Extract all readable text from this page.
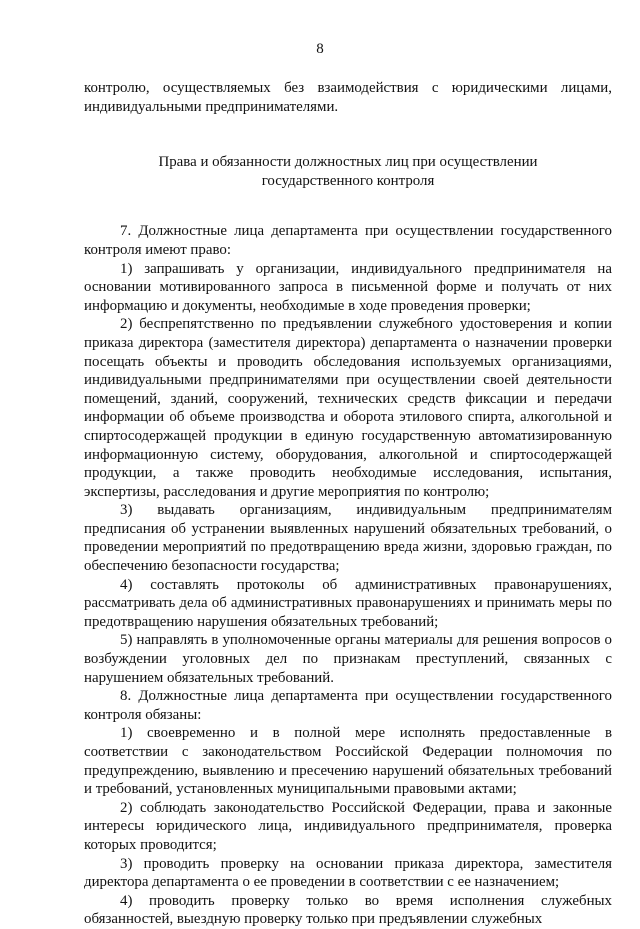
8

контролю, осуществляемых без взаимодействия с юридическими лицами, индивидуальными предпринимателями.

Права и обязанности должностных лиц при осуществлении
государственного контроля

7. Должностные лица департамента при осуществлении государственного контроля имеют право:

1) запрашивать у организации, индивидуального предпринимателя на основании мотивированного запроса в письменной форме и получать от них информацию и документы, необходимые в ходе проведения проверки;

2) беспрепятственно по предъявлении служебного удостоверения и копии приказа директора (заместителя директора) департамента о назначении проверки посещать объекты и проводить обследования используемых организациями, индивидуальными предпринимателями при осуществлении своей деятельности помещений, зданий, сооружений, технических средств фиксации и передачи информации об объеме производства и оборота этилового спирта, алкогольной и спиртосодержащей продукции в единую государственную автоматизированную информационную систему, оборудования, алкогольной и спиртосодержащей продукции, а также проводить необходимые исследования, испытания, экспертизы, расследования и другие мероприятия по контролю;

3) выдавать организациям, индивидуальным предпринимателям предписания об устранении выявленных нарушений обязательных требований, о проведении мероприятий по предотвращению вреда жизни, здоровью граждан, по обеспечению безопасности государства;

4) составлять протоколы об административных правонарушениях, рассматривать дела об административных правонарушениях и принимать меры по предотвращению нарушения обязательных требований;

5) направлять в уполномоченные органы материалы для решения вопросов о возбуждении уголовных дел по признакам преступлений, связанных с нарушением обязательных требований.

8. Должностные лица департамента при осуществлении государственного контроля обязаны:

1) своевременно и в полной мере исполнять предоставленные в соответствии с законодательством Российской Федерации полномочия по предупреждению, выявлению и пресечению нарушений обязательных требований и требований, установленных муниципальными правовыми актами;

2) соблюдать законодательство Российской Федерации, права и законные интересы юридического лица, индивидуального предпринимателя, проверка которых проводится;

3) проводить проверку на основании приказа директора, заместителя директора департамента о ее проведении в соответствии с ее назначением;

4) проводить проверку только во время исполнения служебных обязанностей, выездную проверку только при предъявлении служебных
